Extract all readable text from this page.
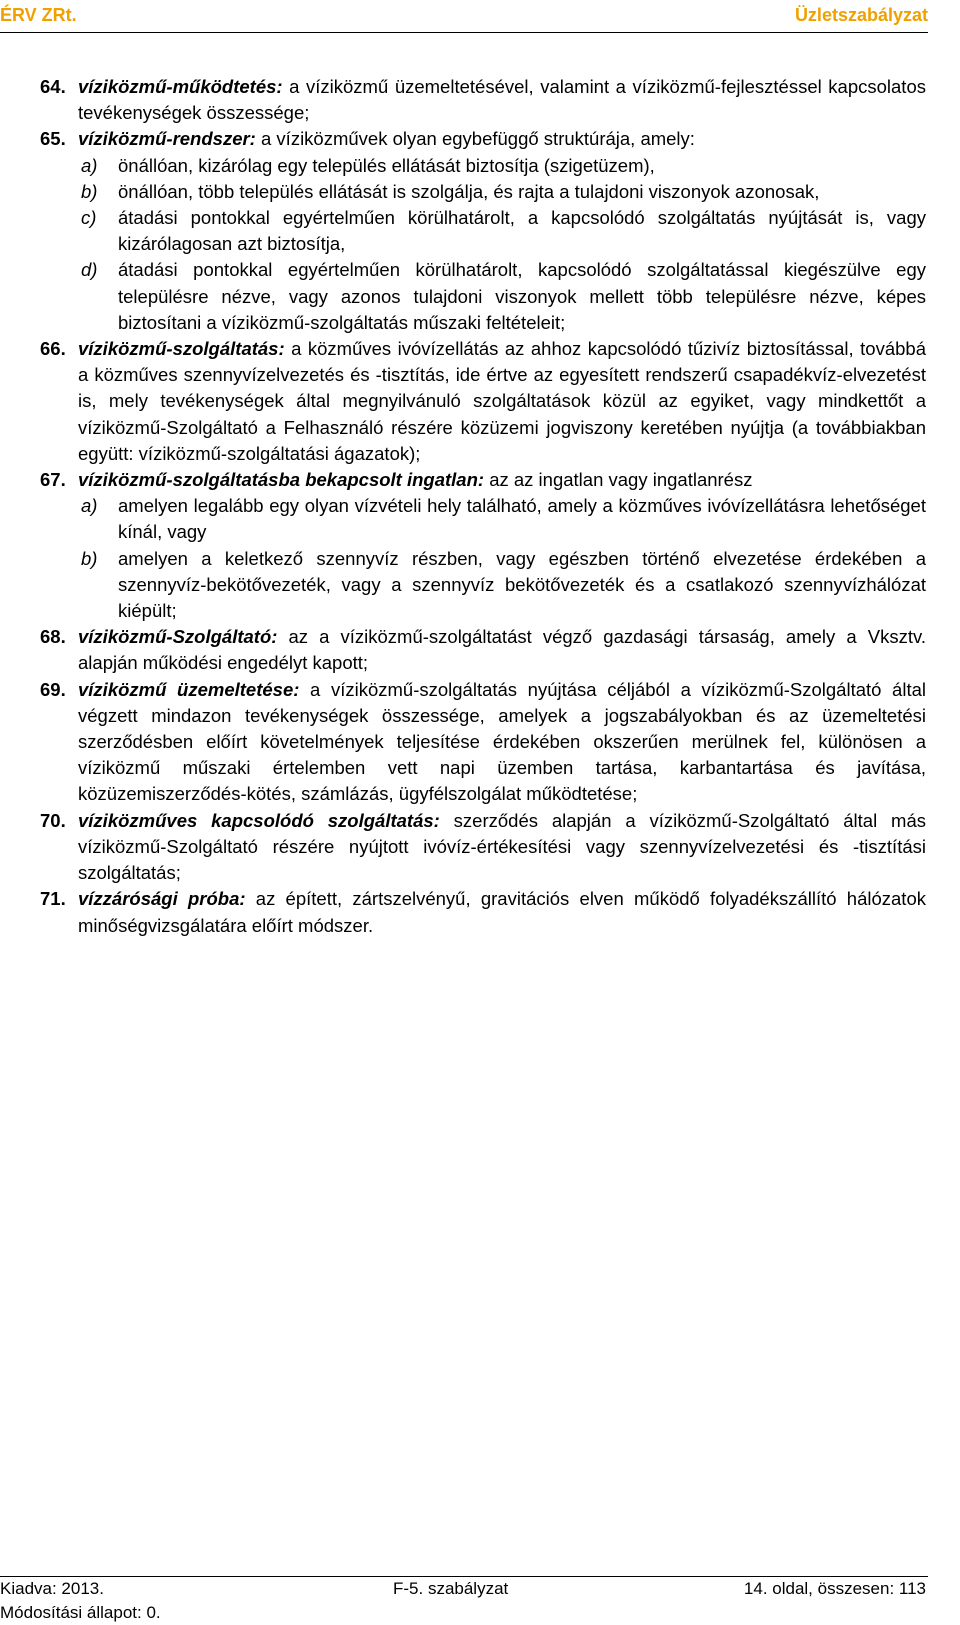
ÉRV ZRt.	Üzletszabályzat

64. víziközmű-működtetés: a víziközmű üzemeltetésével, valamint a víziközmű-fejlesztéssel kapcsolatos tevékenységek összessége;

65. víziközmű-rendszer: a víziközművek olyan egybefüggő struktúrája, amely:

a) önállóan, kizárólag egy település ellátását biztosítja (szigetüzem),

b) önállóan, több település ellátását is szolgálja, és rajta a tulajdoni viszonyok azonosak,

c) átadási pontokkal egyértelműen körülhatárolt, a kapcsolódó szolgáltatás nyújtását is, vagy kizárólagosan azt biztosítja,

d) átadási pontokkal egyértelműen körülhatárolt, kapcsolódó szolgáltatással kiegészülve egy településre nézve, vagy azonos tulajdoni viszonyok mellett több településre nézve, képes biztosítani a víziközmű-szolgáltatás műszaki feltételeit;

66. víziközmű-szolgáltatás: a közműves ivóvízellátás az ahhoz kapcsolódó tűzivíz biztosítással, továbbá a közműves szennyvízelvezetés és -tisztítás, ide értve az egyesített rendszerű csapadékvíz-elvezetést is, mely tevékenységek által megnyilvánuló szolgáltatások közül az egyiket, vagy mindkettőt a víziközmű-Szolgáltató a Felhasználó részére közüzemi jogviszony keretében nyújtja (a továbbiakban együtt: víziközmű-szolgáltatási ágazatok);

67. víziközmű-szolgáltatásba bekapcsolt ingatlan: az az ingatlan vagy ingatlanrész

a) amelyen legalább egy olyan vízvételi hely található, amely a közműves ivóvízellátásra lehetőséget kínál, vagy

b) amelyen a keletkező szennyvíz részben, vagy egészben történő elvezetése érdekében a szennyvíz-bekötővezeték, vagy a szennyvíz bekötővezeték és a csatlakozó szennyvízhálózat kiépült;

68. víziközmű-Szolgáltató: az a víziközmű-szolgáltatást végző gazdasági társaság, amely a Vksztv. alapján működési engedélyt kapott;

69. víziközmű üzemeltetése: a víziközmű-szolgáltatás nyújtása céljából a víziközmű-Szolgáltató által végzett mindazon tevékenységek összessége, amelyek a jogszabályokban és az üzemeltetési szerződésben előírt követelmények teljesítése érdekében okszerűen merülnek fel, különösen a víziközmű műszaki értelemben vett napi üzemben tartása, karbantartása és javítása, közüzemiszerződés-kötés, számlázás, ügyfélszolgálat működtetése;

70. víziközműves kapcsolódó szolgáltatás: szerződés alapján a víziközmű-Szolgáltató által más víziközmű-Szolgáltató részére nyújtott ivóvíz-értékesítési vagy szennyvízelvezetési és -tisztítási szolgáltatás;

71. vízzárósági próba: az épített, zártszelvényű, gravitációs elven működő folyadékszállító hálózatok minőségvizsgálatára előírt módszer.

Kiadva: 2013.	F-5. szabályzat	14. oldal, összesen: 113
Módosítási állapot: 0.
